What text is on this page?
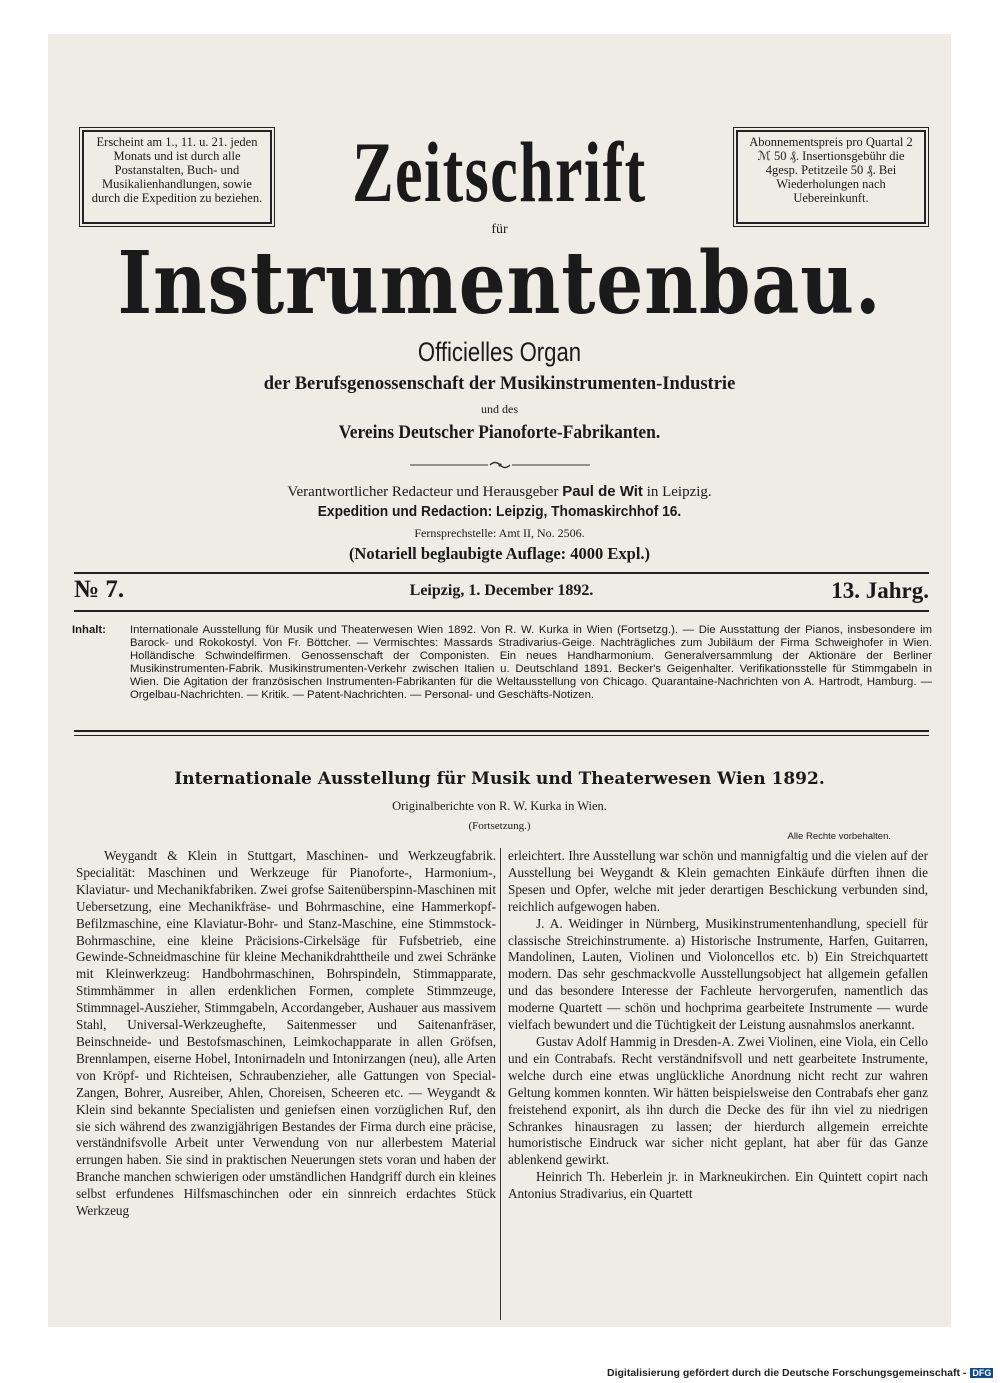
Erscheint am 1., 11. u. 21. jeden Monats und ist durch alle Postanstalten, Buch- und Musikalienhandlungen, sowie durch die Expedition zu beziehen.
Abonnementspreis pro Quartal 2 ℳ 50 ₰. Insertionsgebühr die 4gesp. Petitzeile 50 ₰. Bei Wiederholungen nach Uebereinkunft.
Zeitschrift
für
Instrumentenbau.
Officielles Organ
der Berufsgenossenschaft der Musikinstrumenten-Industrie
und des
Vereins Deutscher Pianoforte-Fabrikanten.
Verantwortlicher Redacteur und Herausgeber Paul de Wit in Leipzig.
Expedition und Redaction: Leipzig, Thomaskirchhof 16.
Fernsprechstelle: Amt II, No. 2506.
(Notariell beglaubigte Auflage: 4000 Expl.)
№ 7.	Leipzig, 1. December 1892.	13. Jahrg.
Inhalt: Internationale Ausstellung für Musik und Theaterwesen Wien 1892. Von R. W. Kurka in Wien (Fortsetzg.). — Die Ausstattung der Pianos, insbesondere im Barock- und Rokokostyl. Von Fr. Böttcher. — Vermischtes: Massards Stradivarius-Geige. Nachträgliches zum Jubiläum der Firma Schweighofer in Wien. Holländische Schwindelfirmen. Genossenschaft der Componisten. Ein neues Handharmonium. Generalversammlung der Aktionäre der Berliner Musikinstrumenten-Fabrik. Musikinstrumenten-Verkehr zwischen Italien u. Deutschland 1891. Becker's Geigenhalter. Verifikationsstelle für Stimmgabeln in Wien. Die Agitation der französischen Instrumenten-Fabrikanten für die Weltausstellung von Chicago. Quarantaine-Nachrichten von A. Hartrodt, Hamburg. — Orgelbau-Nachrichten. — Kritik. — Patent-Nachrichten. — Personal- und Geschäfts-Notizen.
Internationale Ausstellung für Musik und Theaterwesen Wien 1892.
Originalberichte von R. W. Kurka in Wien.
(Fortsetzung.)
Alle Rechte vorbehalten.

Weygandt & Klein in Stuttgart, Maschinen- und Werkzeugfabrik. Specialität: Maschinen und Werkzeuge für Pianoforte-, Harmonium-, Klaviatur- und Mechanikfabriken. Zwei grofse Saitenüberspinn-Maschinen mit Uebersetzung, eine Mechanikfräse- und Bohrmaschine, eine Hammerkopf-Befilzmaschine, eine Klaviatur-Bohr- und Stanz-Maschine, eine Stimmstock-Bohrmaschine, eine kleine Präcisions-Cirkelsäge für Fufsbetrieb, eine Gewinde-Schneidmaschine für kleine Mechanikdrahttheile und zwei Schränke mit Kleinwerkzeug: Handbohrmaschinen, Bohrspindeln, Stimmapparate, Stimmhämmer in allen erdenklichen Formen, complete Stimmzeuge, Stimmnagel-Auszieher, Stimmgabeln, Accordangeber, Aushauer aus massivem Stahl, Universal-Werkzeughefte, Saitenmesser und Saitenanfräser, Beinschneide- und Bestofsmaschinen, Leimkochapparate in allen Gröfsen, Brennlampen, eiserne Hobel, Intonirnadeln und Intonirzangen (neu), alle Arten von Kröpf- und Richteisen, Schraubenzieher, alle Gattungen von Special-Zangen, Bohrer, Ausreiber, Ahlen, Choreisen, Scheeren etc. — Weygandt & Klein sind bekannte Specialisten und geniefsen einen vorzüglichen Ruf, den sie sich während des zwanzigjährigen Bestandes der Firma durch eine präcise, verständnifsvolle Arbeit unter Verwendung von nur allerbestem Material errungen haben. Sie sind in praktischen Neuerungen stets voran und haben der Branche manchen schwierigen oder umständlichen Handgriff durch ein kleines selbst erfundenes Hilfsmaschinchen oder ein sinnreich erdachtes Stück Werkzeug

erleichtert. Ihre Ausstellung war schön und mannigfaltig und die vielen auf der Ausstellung bei Weygandt & Klein gemachten Einkäufe dürften ihnen die Spesen und Opfer, welche mit jeder derartigen Beschickung verbunden sind, reichlich aufgewogen haben.

J. A. Weidinger in Nürnberg, Musikinstrumentenhandlung, speciell für classische Streichinstrumente. a) Historische Instrumente, Harfen, Guitarren, Mandolinen, Lauten, Violinen und Violoncellos etc. b) Ein Streichquartett modern. Das sehr geschmackvolle Ausstellungsobject hat allgemein gefallen und das besondere Interesse der Fachleute hervorgerufen, namentlich das moderne Quartett — schön und hochprima gearbeitete Instrumente — wurde vielfach bewundert und die Tüchtigkeit der Leistung ausnahmslos anerkannt.

Gustav Adolf Hammig in Dresden-A. Zwei Violinen, eine Viola, ein Cello und ein Contrabafs. Recht verständnifsvoll und nett gearbeitete Instrumente, welche durch eine etwas unglückliche Anordnung nicht recht zur wahren Geltung kommen konnten. Wir hätten beispielsweise den Contrabafs eher ganz freistehend exponirt, als ihn durch die Decke des für ihn viel zu niedrigen Schrankes hinausragen zu lassen; der hierdurch allgemein erreichte humoristische Eindruck war sicher nicht geplant, hat aber für das Ganze ablenkend gewirkt.

Heinrich Th. Heberlein jr. in Markneukirchen. Ein Quintett copirt nach Antonius Stradivarius, ein Quartett

Digitalisierung gefördert durch die Deutsche Forschungsgemeinschaft - DFG
